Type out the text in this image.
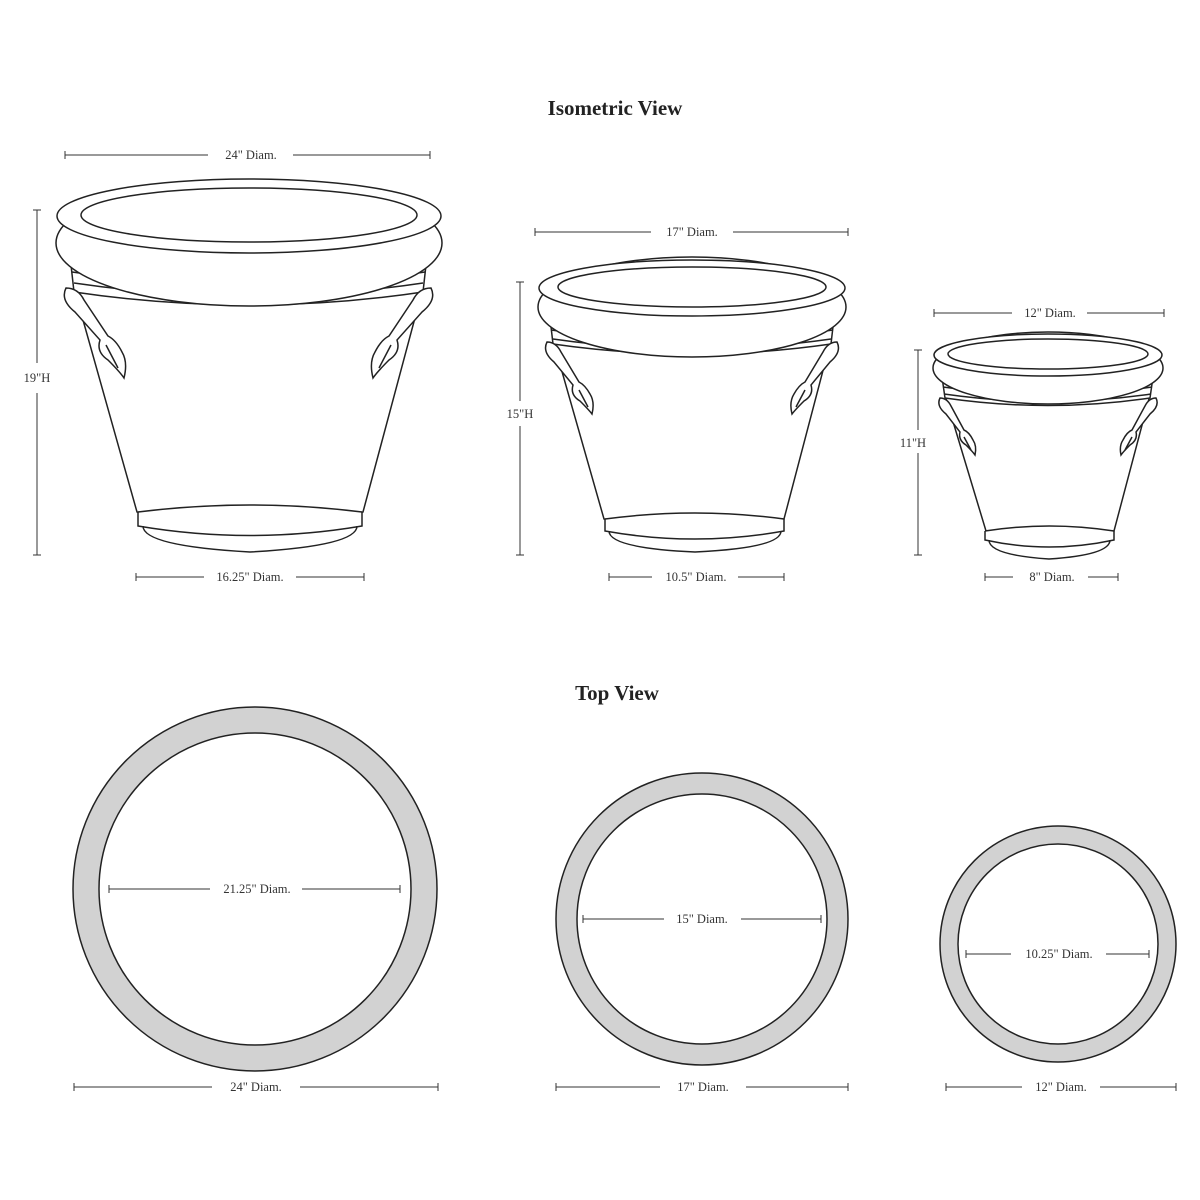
Isometric View
Top View
24" Diam.
19"H
16.25" Diam.
17" Diam.
15"H
10.5" Diam.
12" Diam.
11"H
8" Diam.
21.25" Diam.
24" Diam.
15" Diam.
17" Diam.
10.25" Diam.
12" Diam.
